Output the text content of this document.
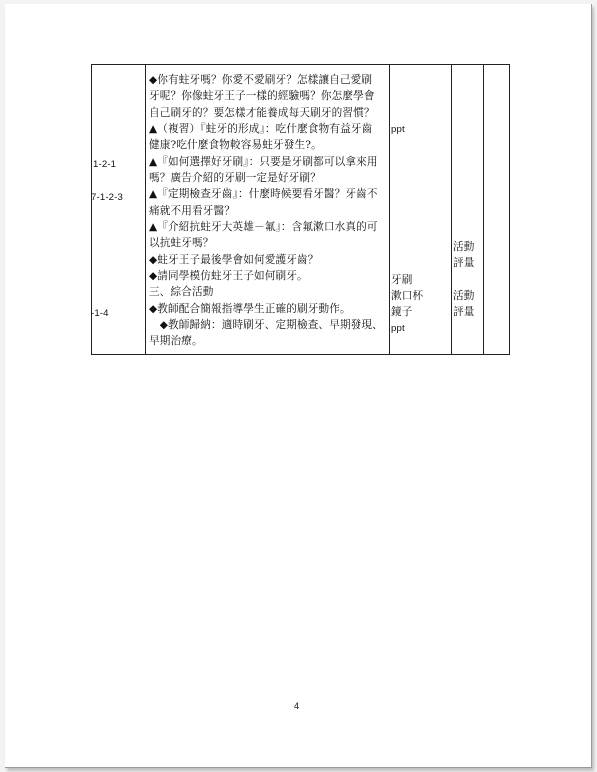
1-2-1
7-1-2-3
-1-4
◆你有蛀牙嗎？你愛不愛刷牙？怎樣讓自己愛刷
牙呢？你像蛀牙王子一樣的經驗嗎？你怎麼學會
自己刷牙的？要怎樣才能養成每天刷牙的習慣？
▲（複習）『蛀牙的形成』：吃什麼食物有益牙齒
健康?吃什麼食物較容易蛀牙發生?。
▲『如何選擇好牙刷』：只要是牙刷都可以拿來用
嗎？廣告介紹的牙刷一定是好牙刷？
▲『定期檢查牙齒』：什麼時候要看牙醫？牙齒不
痛就不用看牙醫？
▲『介紹抗蛀牙大英雄－氟』：含氟漱口水真的可
以抗蛀牙嗎？
◆蛀牙王子最後學會如何愛護牙齒？
◆請同學模仿蛀牙王子如何刷牙。
三、綜合活動
◆教師配合簡報指導學生正確的刷牙動作。
　◆教師歸納：適時刷牙、定期檢查、早期發現、
早期治療。
ppt
牙刷
漱口杯
鏡子
ppt
活動
評量
活動
評量
4
